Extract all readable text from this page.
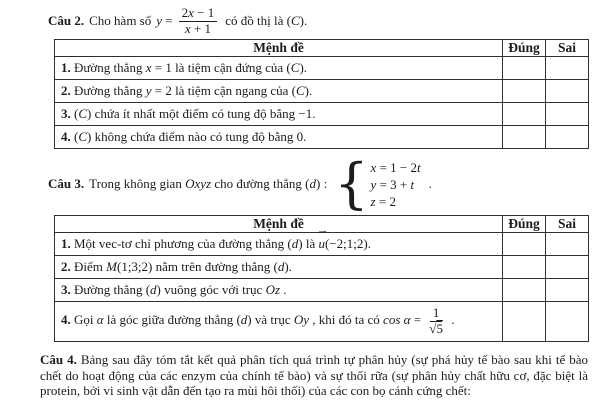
Câu 2. Cho hàm số $y = \frac{2x - 1}{x + 1}$ có đồ thị là (C).
Mệnh đề	Đúng	Sai
1. Đường thẳng x = 1 là tiệm cận đứng của (C).		
2. Đường thẳng y = 2 là tiệm cận ngang của (C).		
3. (C) chứa ít nhất một điểm có tung độ bằng −1.		
4. (C) không chứa điểm nào có tung độ bằng 0.		
Câu 3. Trong không gian Oxyz cho đường thẳng (d) : { x = 1 − 2t
y = 3 + t
z = 2
.
Mệnh đề	Đúng	Sai
1. Một vec-tơ chỉ phương của đường thẳng (d) là ⇀ u(−2;1;2).		
2. Điểm M(1;3;2) nằm trên đường thẳng (d).		
3. Đường thẳng (d) vuông góc với trục Oz .		
4. Gọi α là góc giữa đường thẳng (d) và trục Oy , khi đó ta có $\cos \alpha = \frac{1}{√5}$ .		

Câu 4. Bảng sau đây tóm tắt kết quả phân tích quá trình tự phân hủy (sự phá hủy tế bào sau khi tế bào chết do hoạt động của các enzym của chính tế bào) và sự thối rữa (sự phân hủy chất hữu cơ, đặc biệt là protein, bởi vi sinh vật dẫn đến tạo ra mùi hôi thối) của các con bọ cánh cứng chết:
